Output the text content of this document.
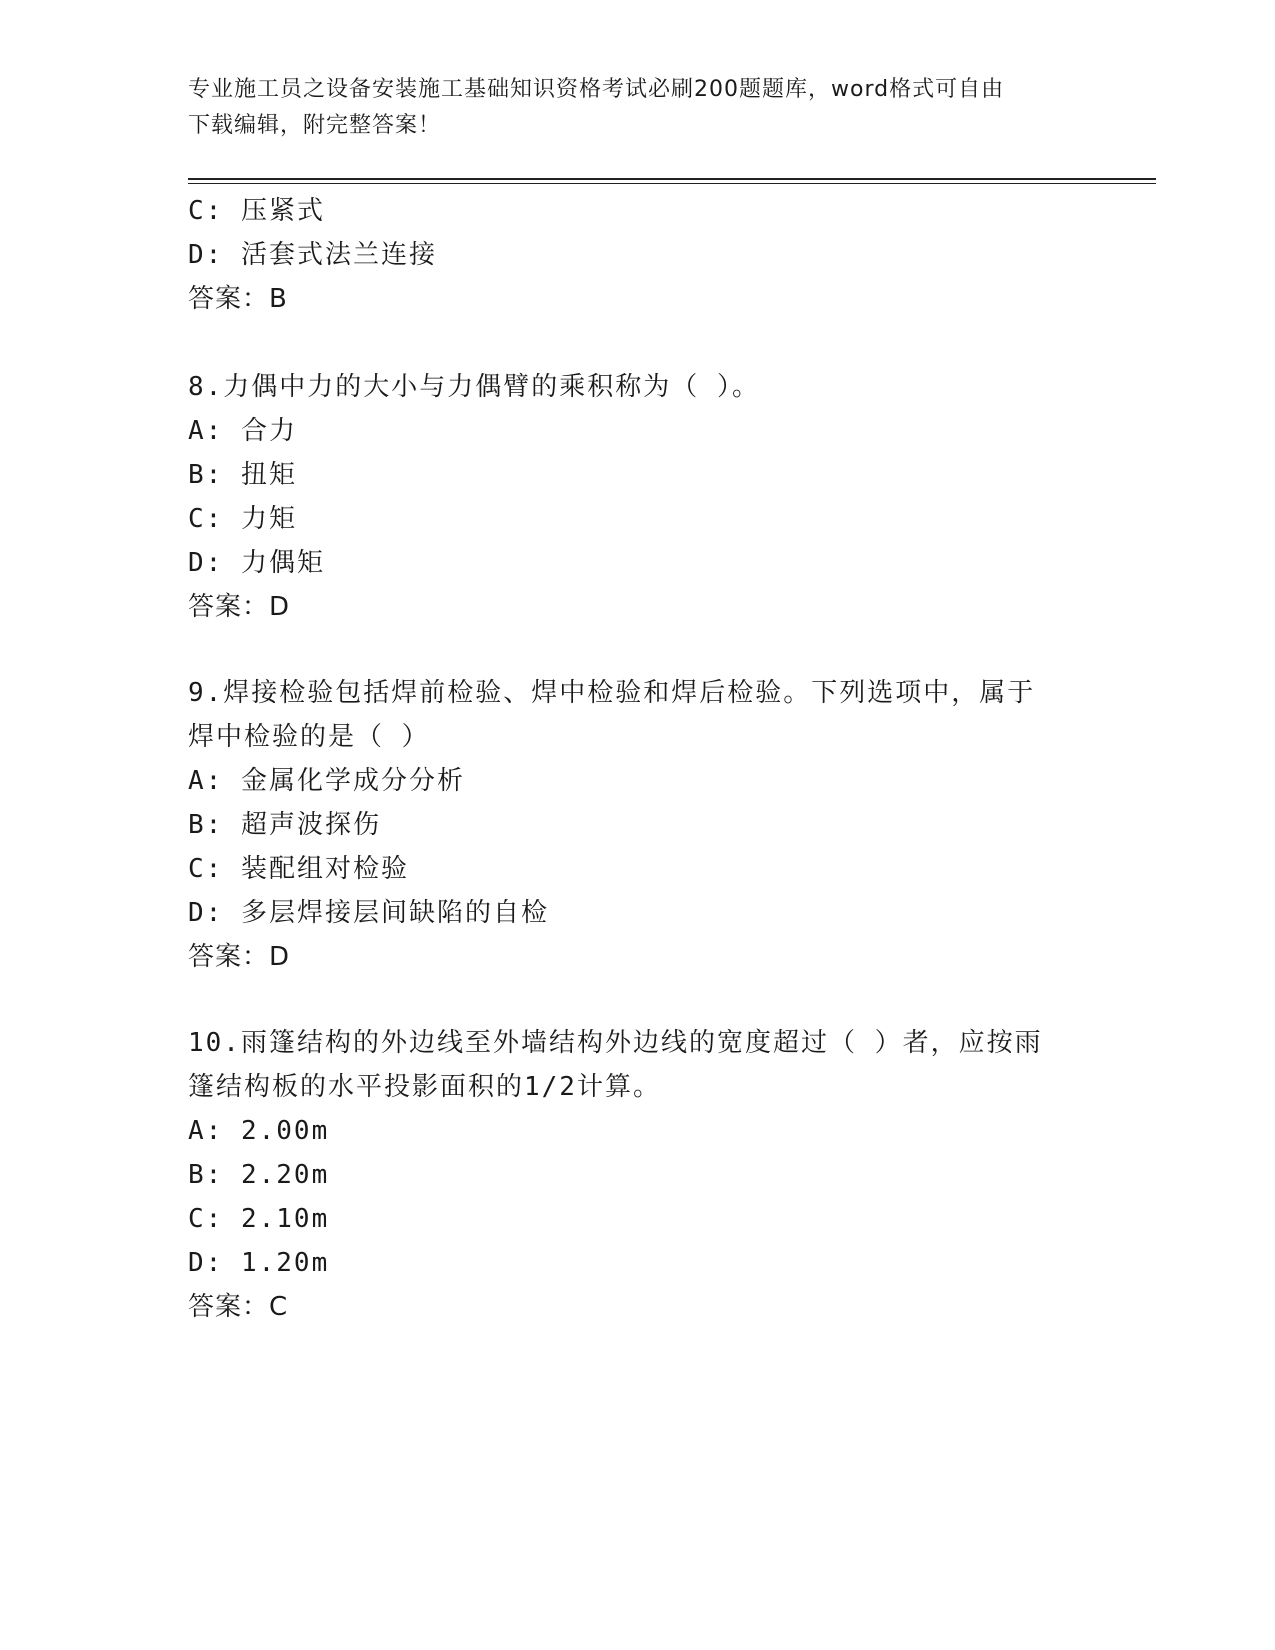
专业施工员之设备安装施工基础知识资格考试必刷200题题库，word格式可自由
下载编辑，附完整答案！
C: 压紧式
D: 活套式法兰连接
答案：B
8.力偶中力的大小与力偶臂的乘积称为（ ）。
A: 合力
B: 扭矩
C: 力矩
D: 力偶矩
答案：D
9.焊接检验包括焊前检验、焊中检验和焊后检验。下列选项中，属于
焊中检验的是（ ）
A: 金属化学成分分析
B: 超声波探伤
C: 装配组对检验
D: 多层焊接层间缺陷的自检
答案：D
10.雨篷结构的外边线至外墙结构外边线的宽度超过（ ）者，应按雨
篷结构板的水平投影面积的1/2计算。
A: 2.00m
B: 2.20m
C: 2.10m
D: 1.20m
答案：C
